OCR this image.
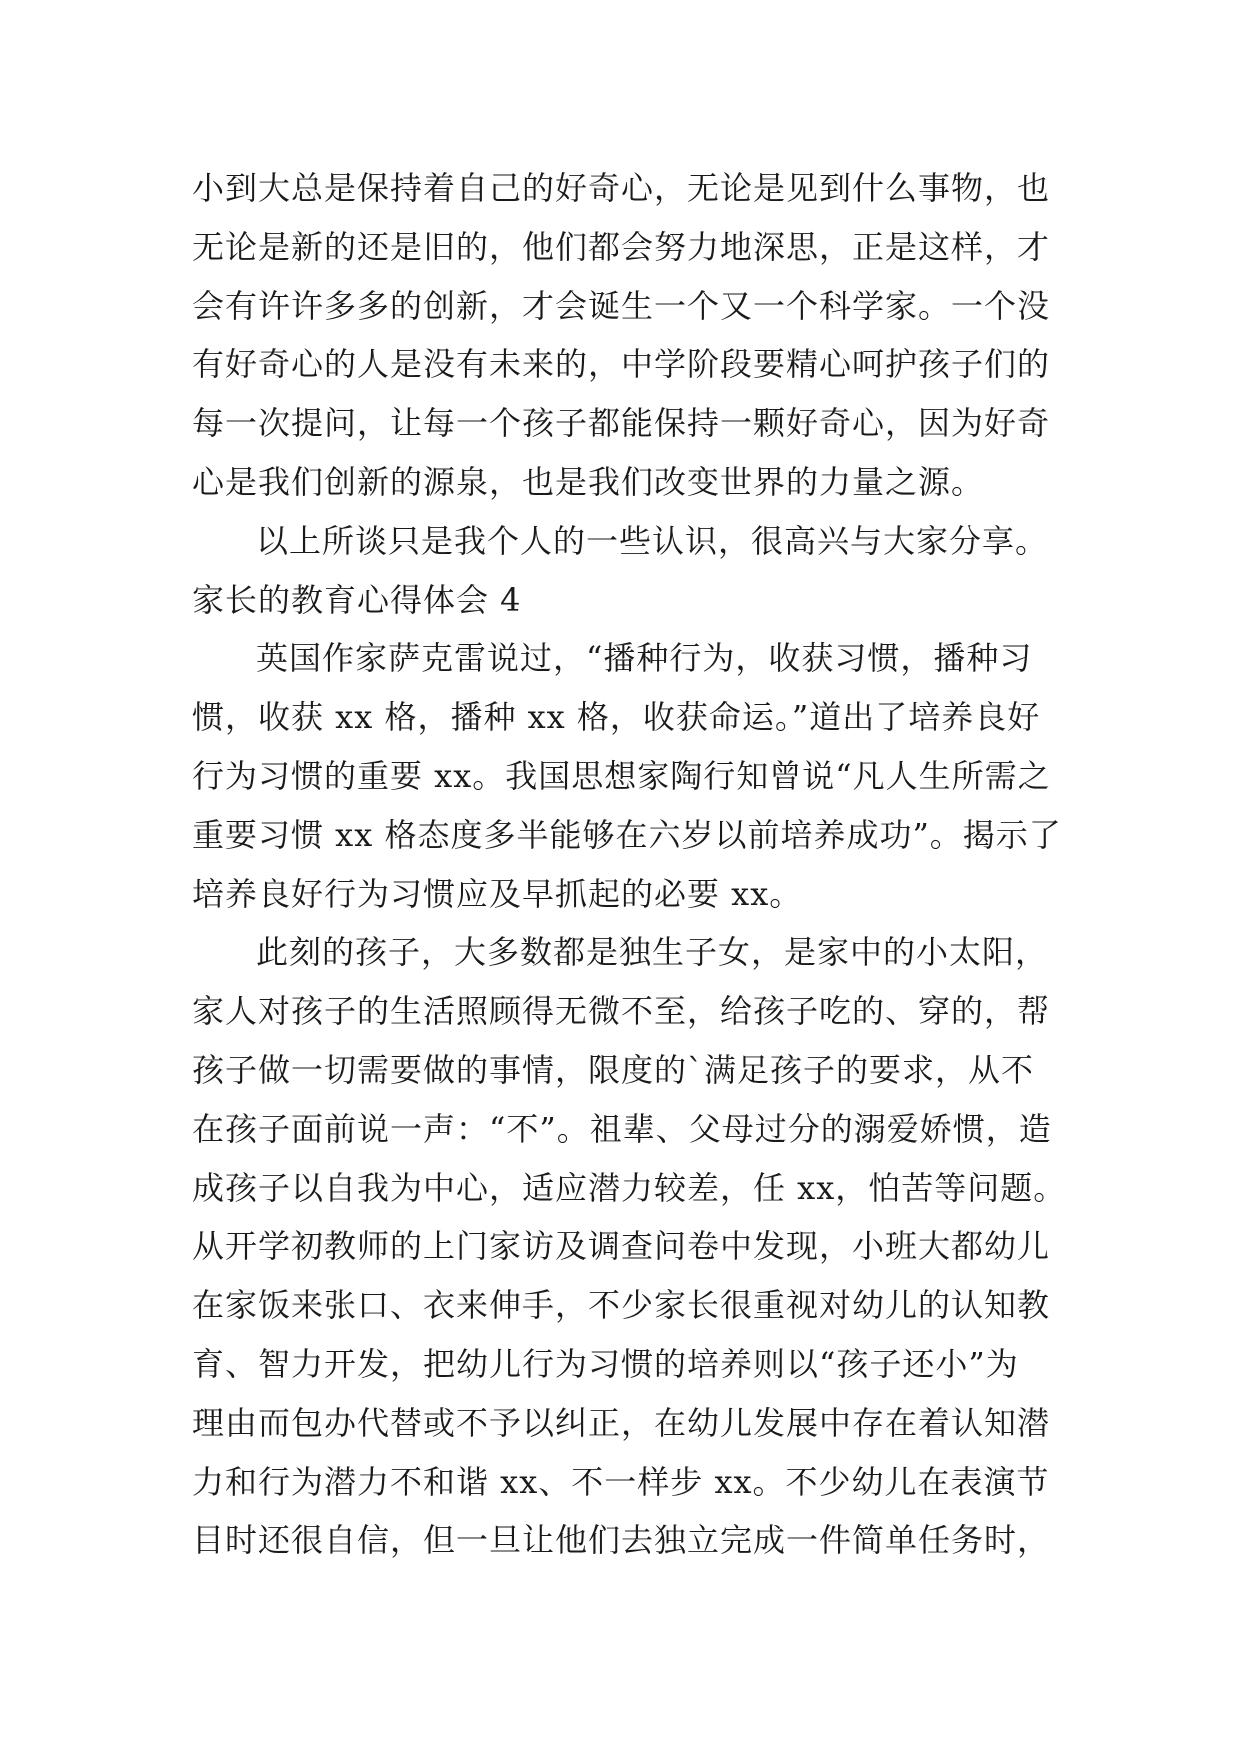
小到大总是保持着自己的好奇心，无论是见到什么事物，也
无论是新的还是旧的，他们都会努力地深思，正是这样，才
会有许许多多的创新，才会诞生一个又一个科学家。一个没
有好奇心的人是没有未来的，中学阶段要精心呵护孩子们的
每一次提问，让每一个孩子都能保持一颗好奇心，因为好奇
心是我们创新的源泉，也是我们改变世界的力量之源。
以上所谈只是我个人的一些认识，很高兴与大家分享。
家长的教育心得体会 4
英国作家萨克雷说过，“播种行为，收获习惯，播种习
惯，收获 xx 格，播种 xx 格，收获命运。”道出了培养良好
行为习惯的重要 xx。我国思想家陶行知曾说“凡人生所需之
重要习惯 xx 格态度多半能够在六岁以前培养成功”。揭示了
培养良好行为习惯应及早抓起的必要 xx。
此刻的孩子，大多数都是独生子女，是家中的小太阳，
家人对孩子的生活照顾得无微不至，给孩子吃的、穿的，帮
孩子做一切需要做的事情，限度的`满足孩子的要求，从不
在孩子面前说一声：“不”。祖辈、父母过分的溺爱娇惯，造
成孩子以自我为中心，适应潜力较差，任 xx，怕苦等问题。
从开学初教师的上门家访及调查问卷中发现，小班大都幼儿
在家饭来张口、衣来伸手，不少家长很重视对幼儿的认知教
育、智力开发，把幼儿行为习惯的培养则以“孩子还小”为
理由而包办代替或不予以纠正，在幼儿发展中存在着认知潜
力和行为潜力不和谐 xx、不一样步 xx。不少幼儿在表演节
目时还很自信，但一旦让他们去独立完成一件简单任务时，
